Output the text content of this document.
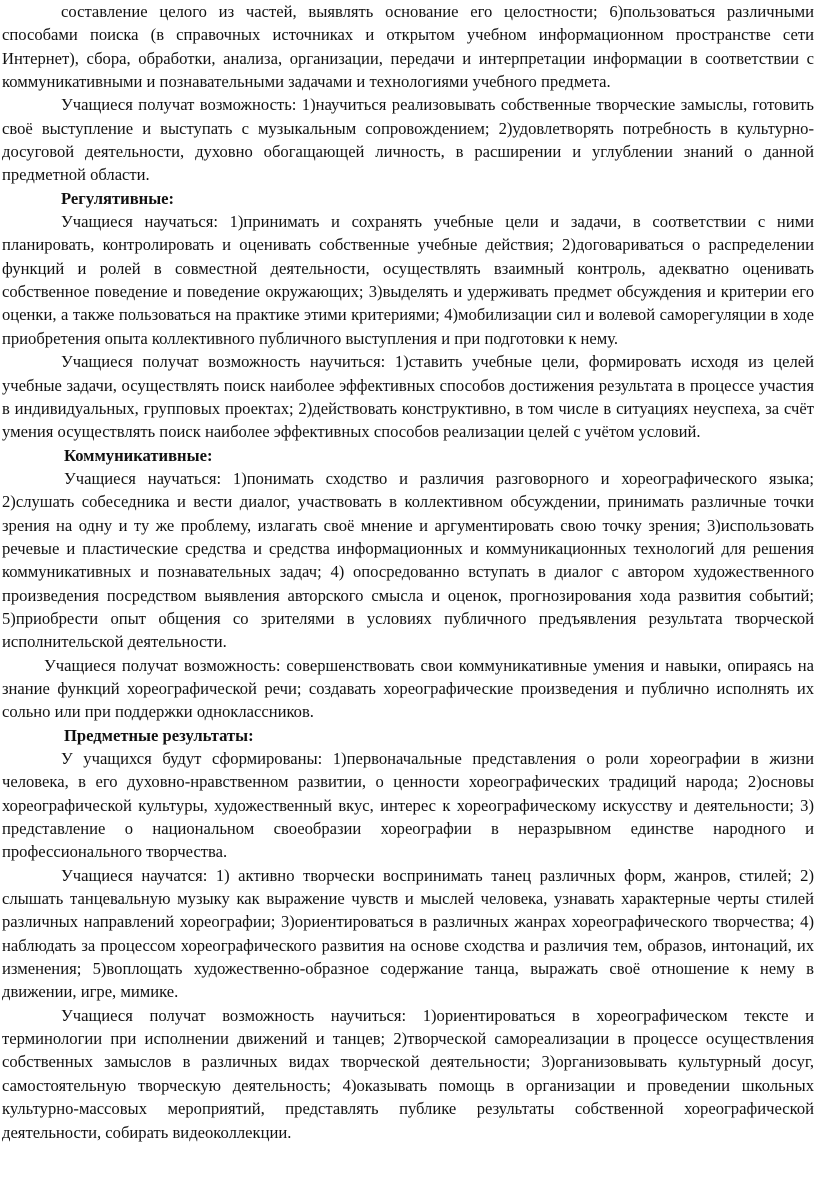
составление целого из частей, выявлять основание его целостности; 6)пользоваться различными способами поиска (в справочных источниках и открытом учебном информационном пространстве сети Интернет), сбора, обработки, анализа, организации, передачи и интерпретации информации в соответствии с коммуникативными и познавательными задачами и технологиями учебного предмета.

Учащиеся получат возможность: 1)научиться реализовывать собственные творческие замыслы, готовить своё выступление и выступать с музыкальным сопровождением; 2)удовлетворять потребность в культурно-досуговой деятельности, духовно обогащающей личность, в расширении и углублении знаний о данной предметной области.

Регулятивные:

Учащиеся научаться: 1)принимать и сохранять учебные цели и задачи, в соответствии с ними планировать, контролировать и оценивать собственные учебные действия; 2)договариваться о распределении функций и ролей в совместной деятельности, осуществлять взаимный контроль, адекватно оценивать собственное поведение и поведение окружающих; 3)выделять и удерживать предмет обсуждения и критерии его оценки, а также пользоваться на практике этими критериями; 4)мобилизации сил и волевой саморегуляции в ходе приобретения опыта коллективного публичного выступления и при подготовки к нему.

Учащиеся получат возможность научиться: 1)ставить учебные цели, формировать исходя из целей учебные задачи, осуществлять поиск наиболее эффективных способов достижения результата в процессе участия в индивидуальных, групповых проектах; 2)действовать конструктивно, в том числе в ситуациях неуспеха, за счёт умения осуществлять поиск наиболее эффективных способов реализации целей с учётом условий.

Коммуникативные:

Учащиеся научаться: 1)понимать сходство и различия разговорного и хореографического языка; 2)слушать собеседника и вести диалог, участвовать в коллективном обсуждении, принимать различные точки зрения на одну и ту же проблему, излагать своё мнение и аргументировать свою точку зрения; 3)использовать речевые и пластические средства и средства информационных и коммуникационных технологий для решения коммуникативных и познавательных задач; 4) опосредованно вступать в диалог с автором художественного произведения посредством выявления авторского смысла и оценок, прогнозирования хода развития событий; 5)приобрести опыт общения со зрителями в условиях публичного предъявления результата творческой исполнительской деятельности.

Учащиеся получат возможность: совершенствовать свои коммуникативные умения и навыки, опираясь на знание функций хореографической речи; создавать хореографические произведения и публично исполнять их сольно или при поддержки одноклассников.

Предметные результаты:

У учащихся будут сформированы: 1)первоначальные представления о роли хореографии в жизни человека, в его духовно-нравственном развитии, о ценности хореографических традиций народа; 2)основы хореографической культуры, художественный вкус, интерес к хореографическому искусству и деятельности; 3) представление о национальном своеобразии хореографии в неразрывном единстве народного и профессионального творчества.

Учащиеся научатся: 1) активно творчески воспринимать танец различных форм, жанров, стилей; 2) слышать танцевальную музыку как выражение чувств и мыслей человека, узнавать характерные черты стилей различных направлений хореографии; 3)ориентироваться в различных жанрах хореографического творчества; 4) наблюдать за процессом хореографического развития на основе сходства и различия тем, образов, интонаций, их изменения; 5)воплощать художественно-образное содержание танца, выражать своё отношение к нему в движении, игре, мимике.

Учащиеся получат возможность научиться: 1)ориентироваться в хореографическом тексте и терминологии при исполнении движений и танцев; 2)творческой самореализации в процессе осуществления собственных замыслов в различных видах творческой деятельности; 3)организовывать культурный досуг, самостоятельную творческую деятельность; 4)оказывать помощь в организации и проведении школьных культурно-массовых мероприятий, представлять публике результаты собственной хореографической деятельности, собирать видеоколлекции.
